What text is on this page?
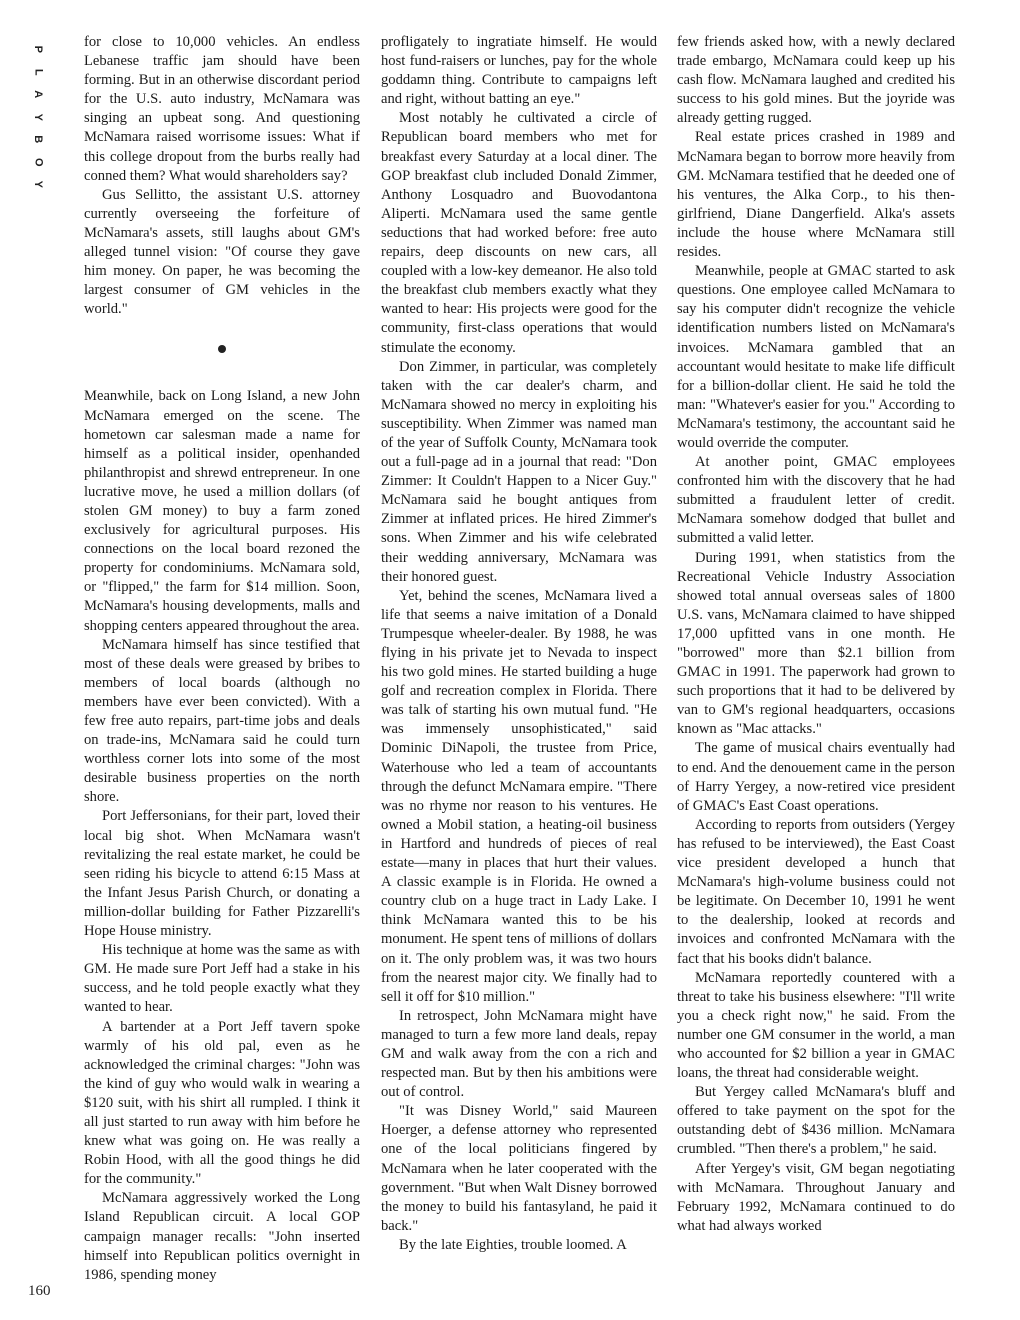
P
L
A
Y
B
O
Y

for close to 10,000 vehicles. An endless Lebanese traffic jam should have been forming. But in an otherwise discordant period for the U.S. auto industry, McNamara was singing an upbeat song. And questioning McNamara raised worrisome issues: What if this college dropout from the burbs really had conned them? What would shareholders say?

Gus Sellitto, the assistant U.S. attorney currently overseeing the forfeiture of McNamara's assets, still laughs about GM's alleged tunnel vision: "Of course they gave him money. On paper, he was becoming the largest consumer of GM vehicles in the world."

Meanwhile, back on Long Island, a new John McNamara emerged on the scene. The hometown car salesman made a name for himself as a political insider, openhanded philanthropist and shrewd entrepreneur. In one lucrative move, he used a million dollars (of stolen GM money) to buy a farm zoned exclusively for agricultural purposes. His connections on the local board rezoned the property for condominiums. McNamara sold, or "flipped," the farm for $14 million. Soon, McNamara's housing developments, malls and shopping centers appeared throughout the area.

McNamara himself has since testified that most of these deals were greased by bribes to members of local boards (although no members have ever been convicted). With a few free auto repairs, part-time jobs and deals on trade-ins, McNamara said he could turn worthless corner lots into some of the most desirable business properties on the north shore.

Port Jeffersonians, for their part, loved their local big shot. When McNamara wasn't revitalizing the real estate market, he could be seen riding his bicycle to attend 6:15 Mass at the Infant Jesus Parish Church, or donating a million-dollar building for Father Pizzarelli's Hope House ministry.

His technique at home was the same as with GM. He made sure Port Jeff had a stake in his success, and he told people exactly what they wanted to hear.

A bartender at a Port Jeff tavern spoke warmly of his old pal, even as he acknowledged the criminal charges: "John was the kind of guy who would walk in wearing a $120 suit, with his shirt all rumpled. I think it all just started to run away with him before he knew what was going on. He was really a Robin Hood, with all the good things he did for the community."

McNamara aggressively worked the Long Island Republican circuit. A local GOP campaign manager recalls: "John inserted himself into Republican politics overnight in 1986, spending money

profligately to ingratiate himself. He would host fund-raisers or lunches, pay for the whole goddamn thing. Contribute to campaigns left and right, without batting an eye."

Most notably he cultivated a circle of Republican board members who met for breakfast every Saturday at a local diner. The GOP breakfast club included Donald Zimmer, Anthony Losquadro and Buovodantona Aliperti. McNamara used the same gentle seductions that had worked before: free auto repairs, deep discounts on new cars, all coupled with a low-key demeanor. He also told the breakfast club members exactly what they wanted to hear: His projects were good for the community, first-class operations that would stimulate the economy.

Don Zimmer, in particular, was completely taken with the car dealer's charm, and McNamara showed no mercy in exploiting his susceptibility. When Zimmer was named man of the year of Suffolk County, McNamara took out a full-page ad in a journal that read: "Don Zimmer: It Couldn't Happen to a Nicer Guy." McNamara said he bought antiques from Zimmer at inflated prices. He hired Zimmer's sons. When Zimmer and his wife celebrated their wedding anniversary, McNamara was their honored guest.

Yet, behind the scenes, McNamara lived a life that seems a naive imitation of a Donald Trumpesque wheeler-dealer. By 1988, he was flying in his private jet to Nevada to inspect his two gold mines. He started building a huge golf and recreation complex in Florida. There was talk of starting his own mutual fund. "He was immensely unsophisticated," said Dominic DiNapoli, the trustee from Price, Waterhouse who led a team of accountants through the defunct McNamara empire. "There was no rhyme nor reason to his ventures. He owned a Mobil station, a heating-oil business in Hartford and hundreds of pieces of real estate—many in places that hurt their values. A classic example is in Florida. He owned a country club on a huge tract in Lady Lake. I think McNamara wanted this to be his monument. He spent tens of millions of dollars on it. The only problem was, it was two hours from the nearest major city. We finally had to sell it off for $10 million."

In retrospect, John McNamara might have managed to turn a few more land deals, repay GM and walk away from the con a rich and respected man. But by then his ambitions were out of control.

"It was Disney World," said Maureen Hoerger, a defense attorney who represented one of the local politicians fingered by McNamara when he later cooperated with the government. "But when Walt Disney borrowed the money to build his fantasyland, he paid it back."

By the late Eighties, trouble loomed. A

few friends asked how, with a newly declared trade embargo, McNamara could keep up his cash flow. McNamara laughed and credited his success to his gold mines. But the joyride was already getting rugged.

Real estate prices crashed in 1989 and McNamara began to borrow more heavily from GM. McNamara testified that he deeded one of his ventures, the Alka Corp., to his then-girlfriend, Diane Dangerfield. Alka's assets include the house where McNamara still resides.

Meanwhile, people at GMAC started to ask questions. One employee called McNamara to say his computer didn't recognize the vehicle identification numbers listed on McNamara's invoices. McNamara gambled that an accountant would hesitate to make life difficult for a billion-dollar client. He said he told the man: "Whatever's easier for you." According to McNamara's testimony, the accountant said he would override the computer.

At another point, GMAC employees confronted him with the discovery that he had submitted a fraudulent letter of credit. McNamara somehow dodged that bullet and submitted a valid letter.

During 1991, when statistics from the Recreational Vehicle Industry Association showed total annual overseas sales of 1800 U.S. vans, McNamara claimed to have shipped 17,000 upfitted vans in one month. He "borrowed" more than $2.1 billion from GMAC in 1991. The paperwork had grown to such proportions that it had to be delivered by van to GM's regional headquarters, occasions known as "Mac attacks."

The game of musical chairs eventually had to end. And the denouement came in the person of Harry Yergey, a now-retired vice president of GMAC's East Coast operations.

According to reports from outsiders (Yergey has refused to be interviewed), the East Coast vice president developed a hunch that McNamara's high-volume business could not be legitimate. On December 10, 1991 he went to the dealership, looked at records and invoices and confronted McNamara with the fact that his books didn't balance.

McNamara reportedly countered with a threat to take his business elsewhere: "I'll write you a check right now," he said. From the number one GM consumer in the world, a man who accounted for $2 billion a year in GMAC loans, the threat had considerable weight.

But Yergey called McNamara's bluff and offered to take payment on the spot for the outstanding debt of $436 million. McNamara crumbled. "Then there's a problem," he said.

After Yergey's visit, GM began negotiating with McNamara. Throughout January and February 1992, McNamara continued to do what had always worked

160
